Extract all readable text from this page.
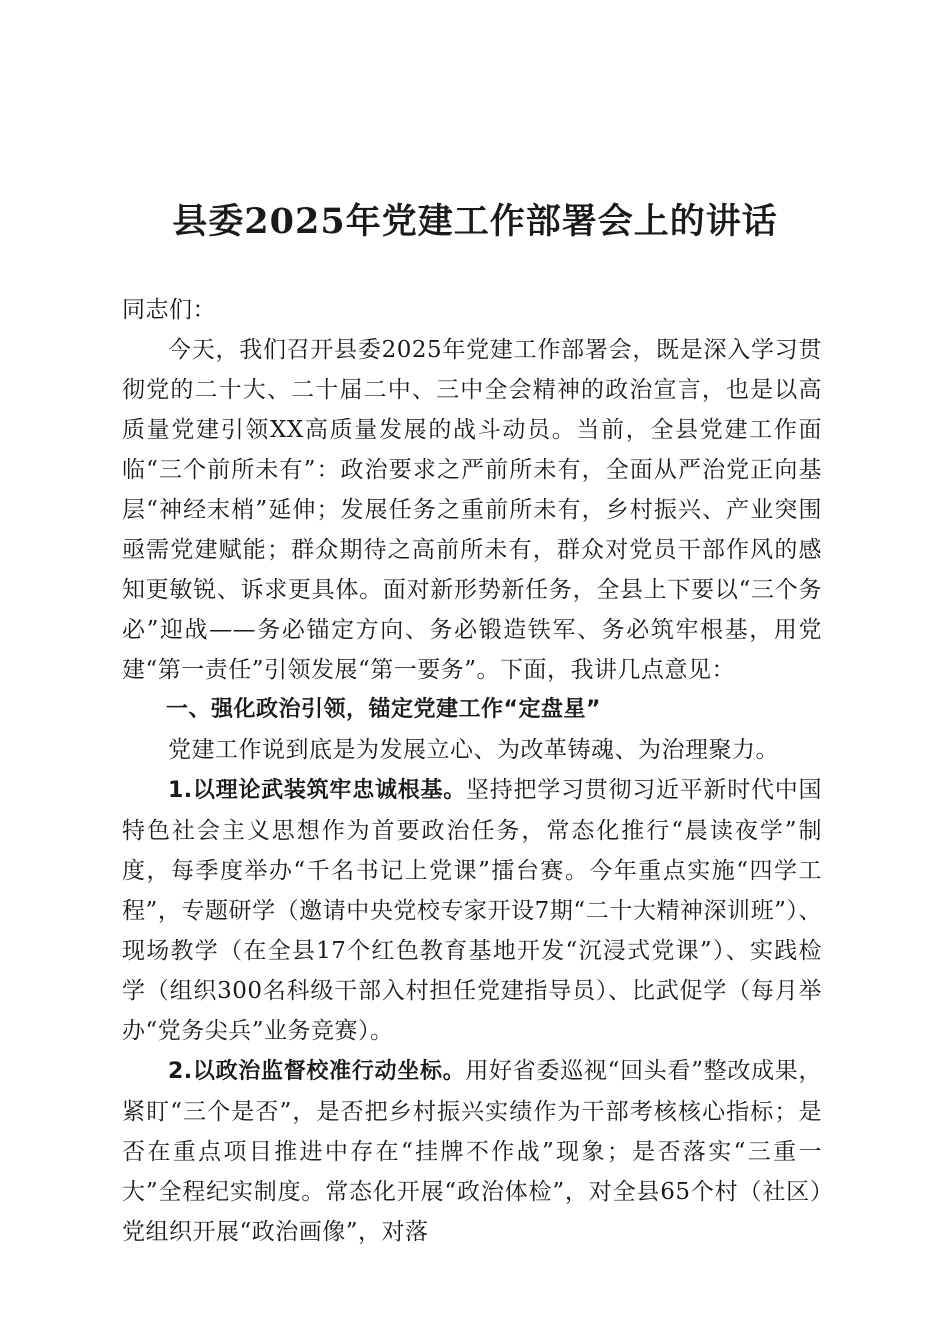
县委2025年党建工作部署会上的讲话

同志们：

今天，我们召开县委2025年党建工作部署会，既是深入学习贯彻党的二十大、二十届二中、三中全会精神的政治宣言，也是以高质量党建引领XX高质量发展的战斗动员。当前，全县党建工作面临“三个前所未有”：政治要求之严前所未有，全面从严治党正向基层“神经末梢”延伸；发展任务之重前所未有，乡村振兴、产业突围亟需党建赋能；群众期待之高前所未有，群众对党员干部作风的感知更敏锐、诉求更具体。面对新形势新任务，全县上下要以“三个务必”迎战——务必锚定方向、务必锻造铁军、务必筑牢根基，用党建“第一责任”引领发展“第一要务”。下面，我讲几点意见：

一、强化政治引领，锚定党建工作“定盘星”

党建工作说到底是为发展立心、为改革铸魂、为治理聚力。

1.以理论武装筑牢忠诚根基。坚持把学习贯彻习近平新时代中国特色社会主义思想作为首要政治任务，常态化推行“晨读夜学”制度，每季度举办“千名书记上党课”擂台赛。今年重点实施“四学工程”，专题研学（邀请中央党校专家开设7期“二十大精神深训班”）、现场教学（在全县17个红色教育基地开发“沉浸式党课”）、实践检学（组织300名科级干部入村担任党建指导员）、比武促学（每月举办“党务尖兵”业务竞赛）。

2.以政治监督校准行动坐标。用好省委巡视“回头看”整改成果，紧盯“三个是否”，是否把乡村振兴实绩作为干部考核核心指标；是否在重点项目推进中存在“挂牌不作战”现象；是否落实“三重一大”全程纪实制度。常态化开展“政治体检”，对全县65个村（社区）党组织开展“政治画像”，对落
